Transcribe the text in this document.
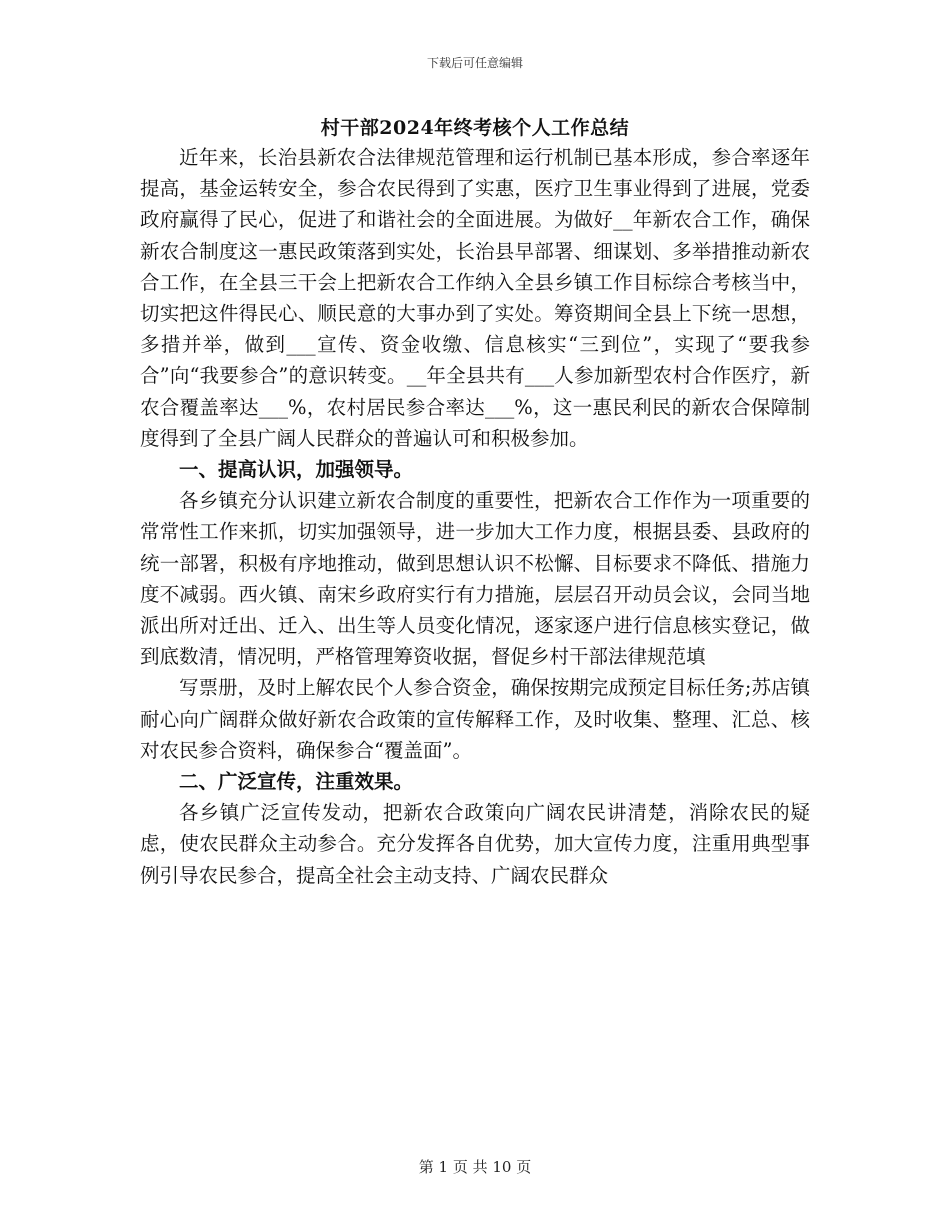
下载后可任意编辑
村干部2024年终考核个人工作总结

近年来，长治县新农合法律规范管理和运行机制已基本形成，参合率逐年提高，基金运转安全，参合农民得到了实惠，医疗卫生事业得到了进展，党委政府赢得了民心，促进了和谐社会的全面进展。为做好__年新农合工作，确保新农合制度这一惠民政策落到实处，长治县早部署、细谋划、多举措推动新农合工作，在全县三干会上把新农合工作纳入全县乡镇工作目标综合考核当中，切实把这件得民心、顺民意的大事办到了实处。筹资期间全县上下统一思想，多措并举，做到___宣传、资金收缴、信息核实“三到位”，实现了“要我参合”向“我要参合”的意识转变。__年全县共有___人参加新型农村合作医疗，新农合覆盖率达___%，农村居民参合率达___%，这一惠民利民的新农合保障制度得到了全县广阔人民群众的普遍认可和积极参加。

一、提高认识，加强领导。

各乡镇充分认识建立新农合制度的重要性，把新农合工作作为一项重要的常常性工作来抓，切实加强领导，进一步加大工作力度，根据县委、县政府的统一部署，积极有序地推动，做到思想认识不松懈、目标要求不降低、措施力度不减弱。西火镇、南宋乡政府实行有力措施，层层召开动员会议，会同当地派出所对迁出、迁入、出生等人员变化情况，逐家逐户进行信息核实登记，做到底数清，情况明，严格管理筹资收据，督促乡村干部法律规范填

写票册，及时上解农民个人参合资金，确保按期完成预定目标任务;苏店镇耐心向广阔群众做好新农合政策的宣传解释工作，及时收集、整理、汇总、核对农民参合资料，确保参合“覆盖面”。

二、广泛宣传，注重效果。

各乡镇广泛宣传发动，把新农合政策向广阔农民讲清楚，消除农民的疑虑，使农民群众主动参合。充分发挥各自优势，加大宣传力度，注重用典型事例引导农民参合，提高全社会主动支持、广阔农民群众

第 1 页 共 10 页
